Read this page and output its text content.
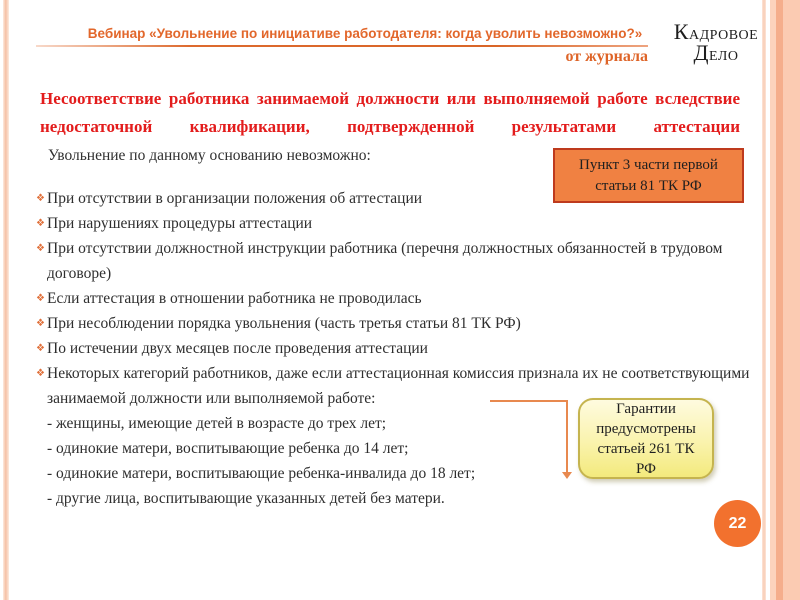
Вебинар «Увольнение по инициативе работодателя: когда уволить невозможно?»
от журнала
КАДРОВОЕ
ДЕЛО
Несоответствие работника занимаемой должности или выполняемой работе вследствие недостаточной квалификации, подтвержденной результатами аттестации
Увольнение по данному основанию невозможно:
❖ При отсутствии в организации положения об аттестации
❖ При нарушениях процедуры аттестации
❖ При отсутствии должностной инструкции работника (перечня должностных обязанностей в трудовом договоре)
❖ Если аттестация в отношении работника не проводилась
❖ При несоблюдении порядка увольнения (часть третья статьи 81 ТК РФ)
❖ По истечении двух месяцев после проведения аттестации
❖ Некоторых категорий работников, даже если аттестационная комиссия признала их не соответствующими занимаемой должности или выполняемой работе:
- женщины, имеющие детей в возрасте до трех лет;
- одинокие матери, воспитывающие ребенка до 14 лет;
- одинокие матери, воспитывающие ребенка-инвалида до 18 лет;
- другие лица, воспитывающие указанных детей без матери.
Пункт 3 части первой статьи 81 ТК РФ
Гарантии предусмотрены статьей 261 ТК РФ
22
